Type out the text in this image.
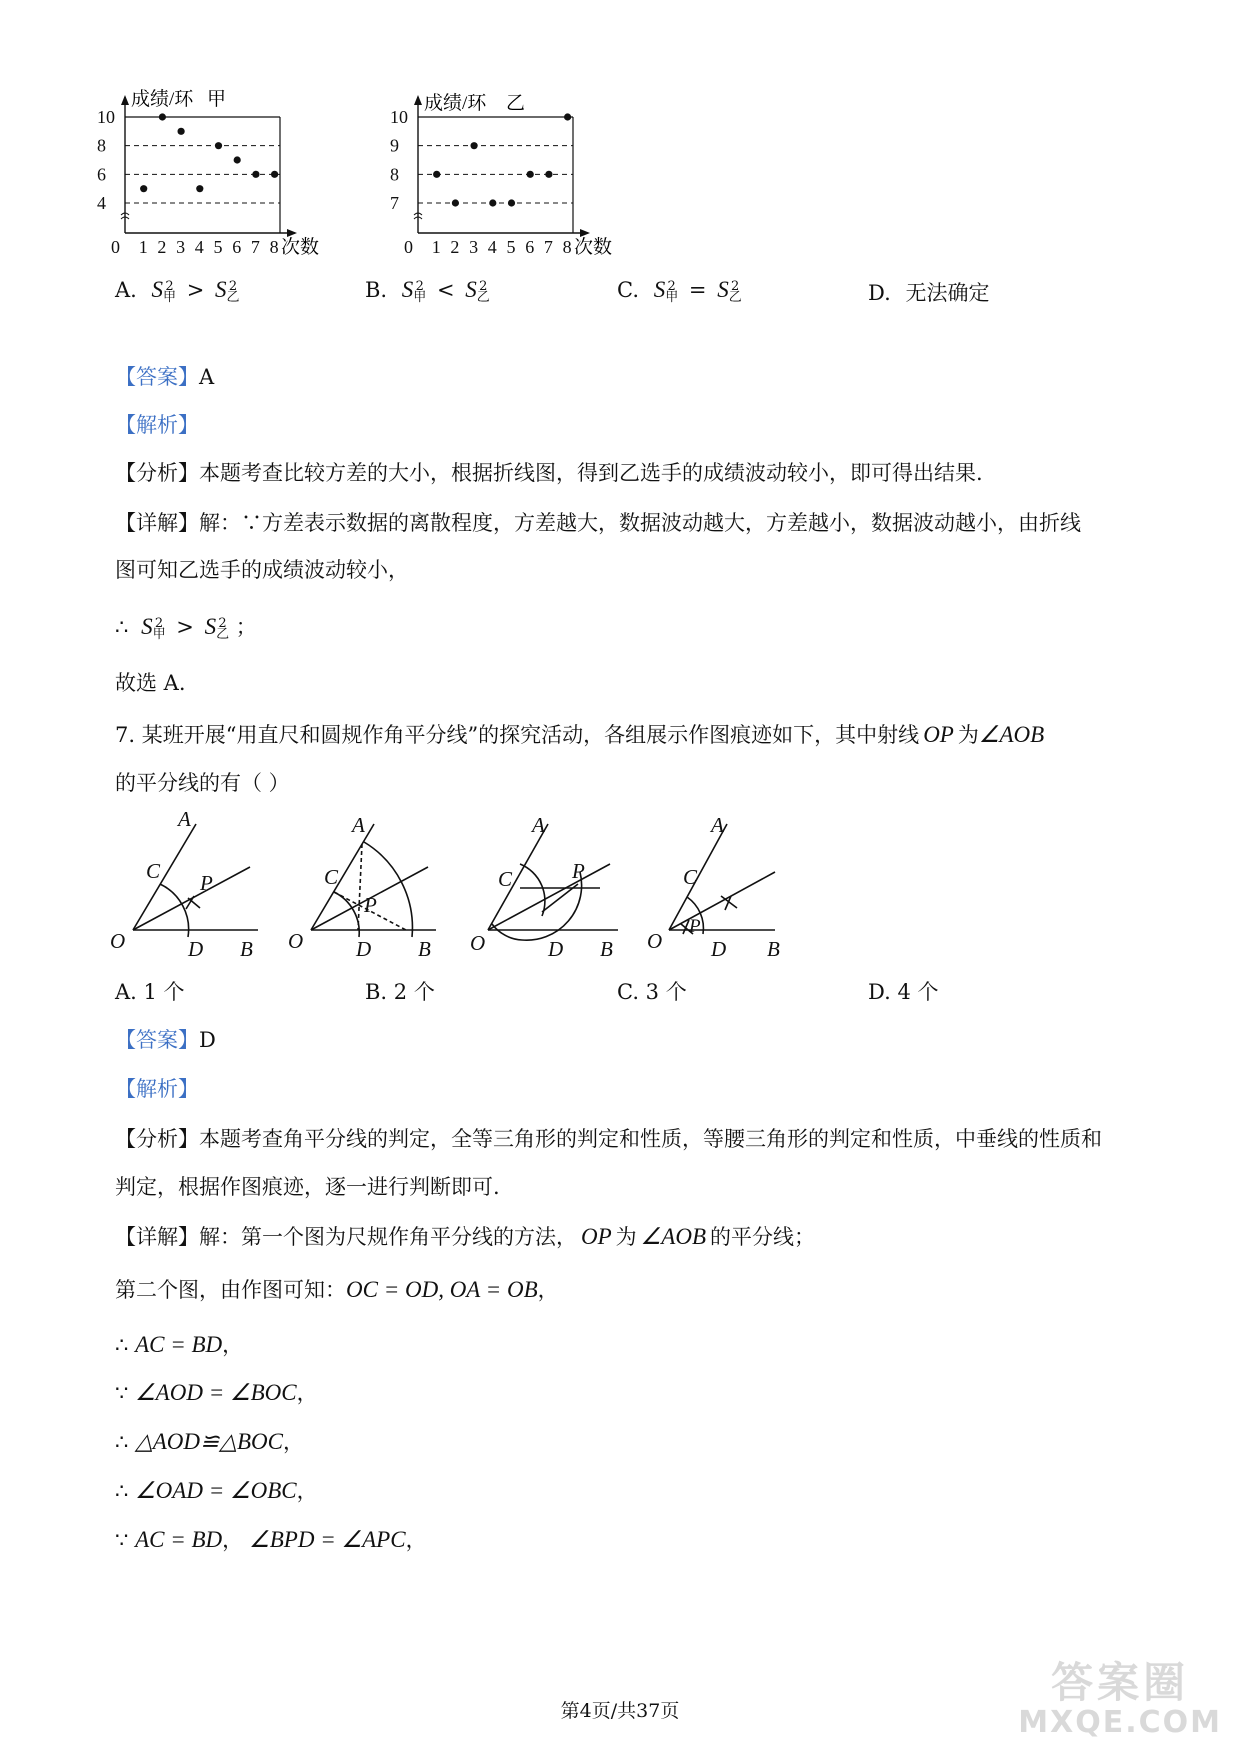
成绩/环 甲
次数
10
8
6
4
0 1 2 3 4 5 6 7 8
成绩/环 乙
次数
10
9
8
7
0 1 2 3 4 5 6 7 8
A. S 2
甲 > S 2
乙	B. S 2
甲 < S 2
乙	C. S 2
甲 = S 2
乙	D. 无法确定
【答案】A
【解析】
【分析】本题考查比较方差的大小，根据折线图，得到乙选手的成绩波动较小，即可得出结果.
【详解】解：∵方差表示数据的离散程度，方差越大，数据波动越大，方差越小，数据波动越小，由折线
图可知乙选手的成绩波动较小，
∴ S 2
甲 > S 2
乙 ；
故选 A.
7. 某班开展“用直尺和圆规作角平分线”的探究活动，各组展示作图痕迹如下，其中射线 OP 为∠AOB
的平分线的有（ ）
A
C P
O	D B
A
C
P
O	D B
A
C	P
O	D B
A
C
P
O D B
A. 1 个	B. 2 个	C. 3 个	D. 4 个
【答案】D
【解析】
【分析】本题考查角平分线的判定，全等三角形的判定和性质，等腰三角形的判定和性质，中垂线的性质和
判定，根据作图痕迹，逐一进行判断即可.
【详解】解：第一个图为尺规作角平分线的方法， OP 为 ∠AOB 的平分线；
第二个图，由作图可知：OC = OD, OA = OB，
∴ AC = BD，
∵ ∠AOD = ∠BOC，
∴ △AOD≌△BOC，
∴ ∠OAD = ∠OBC，
∵ AC = BD， ∠BPD = ∠APC，
第4页/共37页
答案圈
MXQE.COM
